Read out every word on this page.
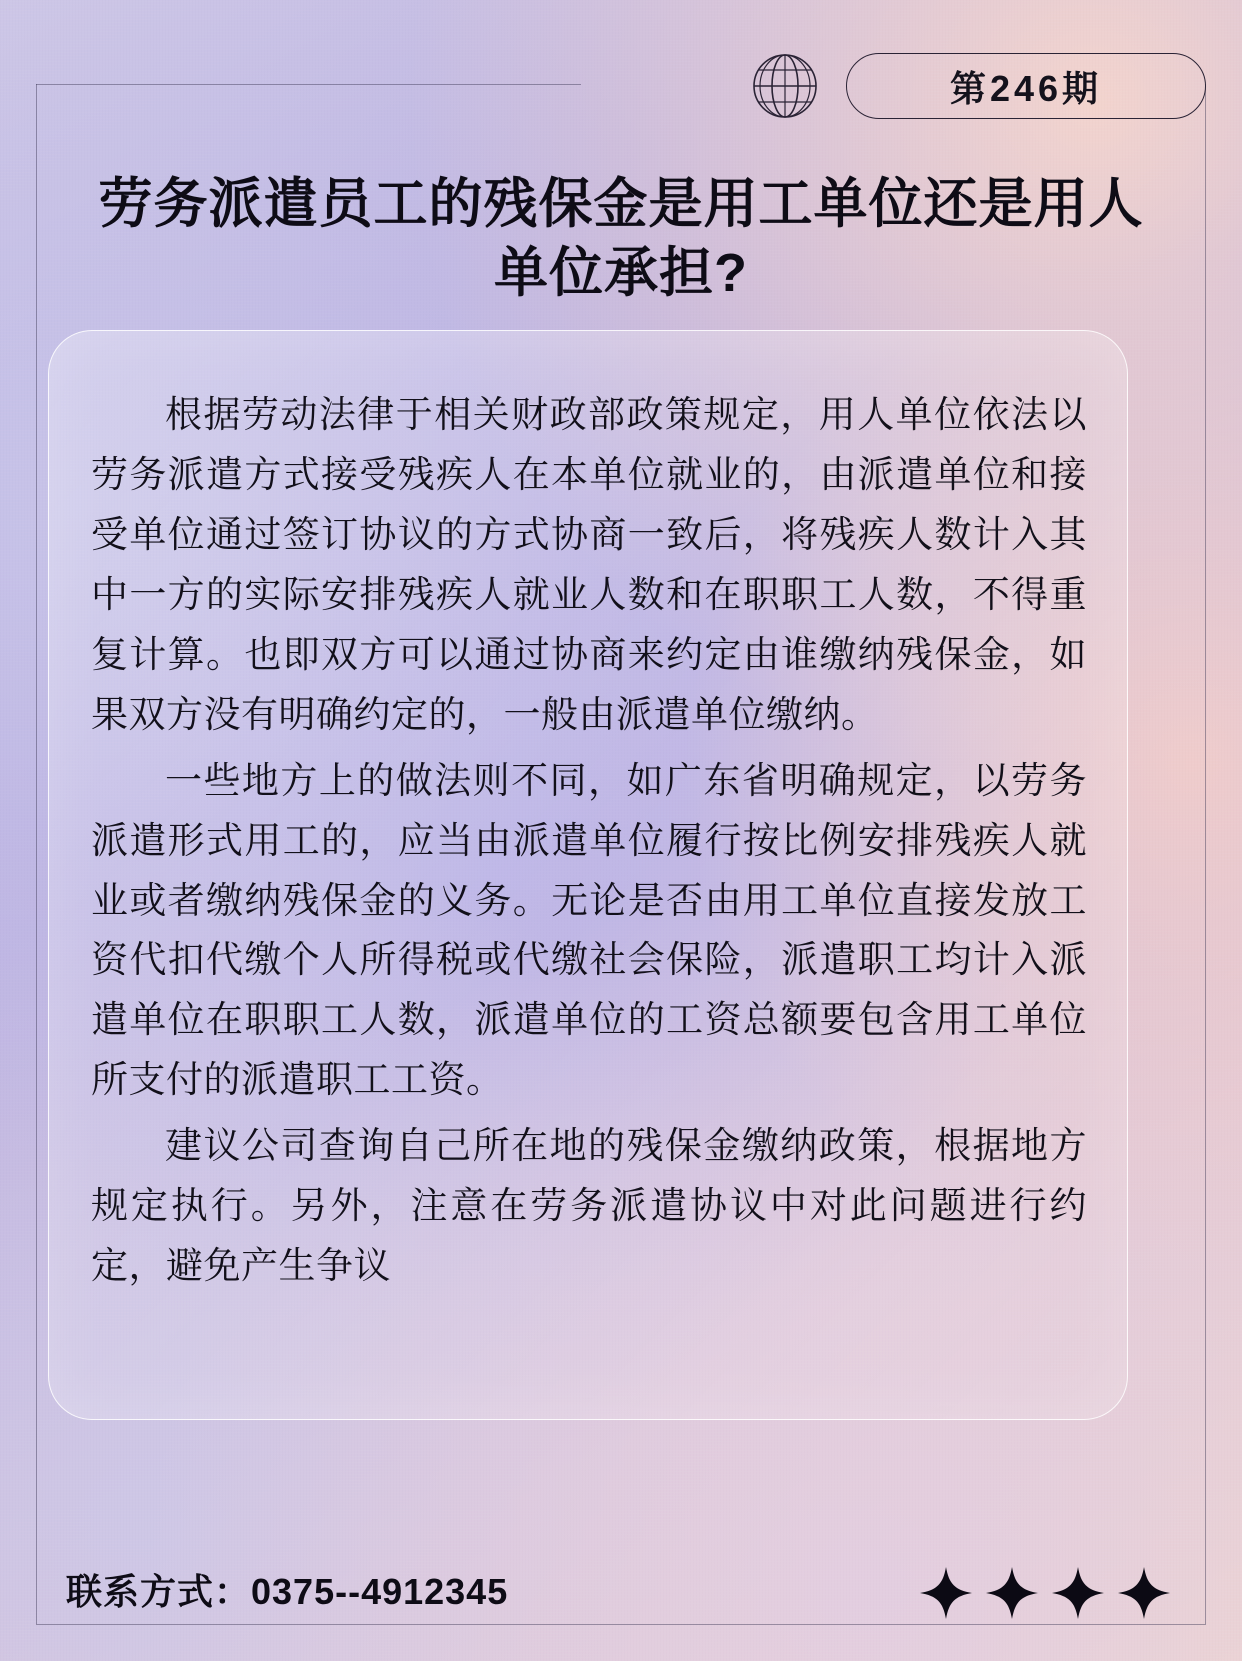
第246期
劳务派遣员工的残保金是用工单位还是用人单位承担?

根据劳动法律于相关财政部政策规定，用人单位依法以劳务派遣方式接受残疾人在本单位就业的，由派遣单位和接受单位通过签订协议的方式协商一致后，将残疾人数计入其中一方的实际安排残疾人就业人数和在职职工人数，不得重复计算。也即双方可以通过协商来约定由谁缴纳残保金，如果双方没有明确约定的，一般由派遣单位缴纳。

一些地方上的做法则不同，如广东省明确规定，以劳务派遣形式用工的，应当由派遣单位履行按比例安排残疾人就业或者缴纳残保金的义务。无论是否由用工单位直接发放工资代扣代缴个人所得税或代缴社会保险，派遣职工均计入派遣单位在职职工人数，派遣单位的工资总额要包含用工单位所支付的派遣职工工资。

建议公司查询自己所在地的残保金缴纳政策，根据地方规定执行。另外，注意在劳务派遣协议中对此问题进行约定，避免产生争议

联系方式：0375--4912345
